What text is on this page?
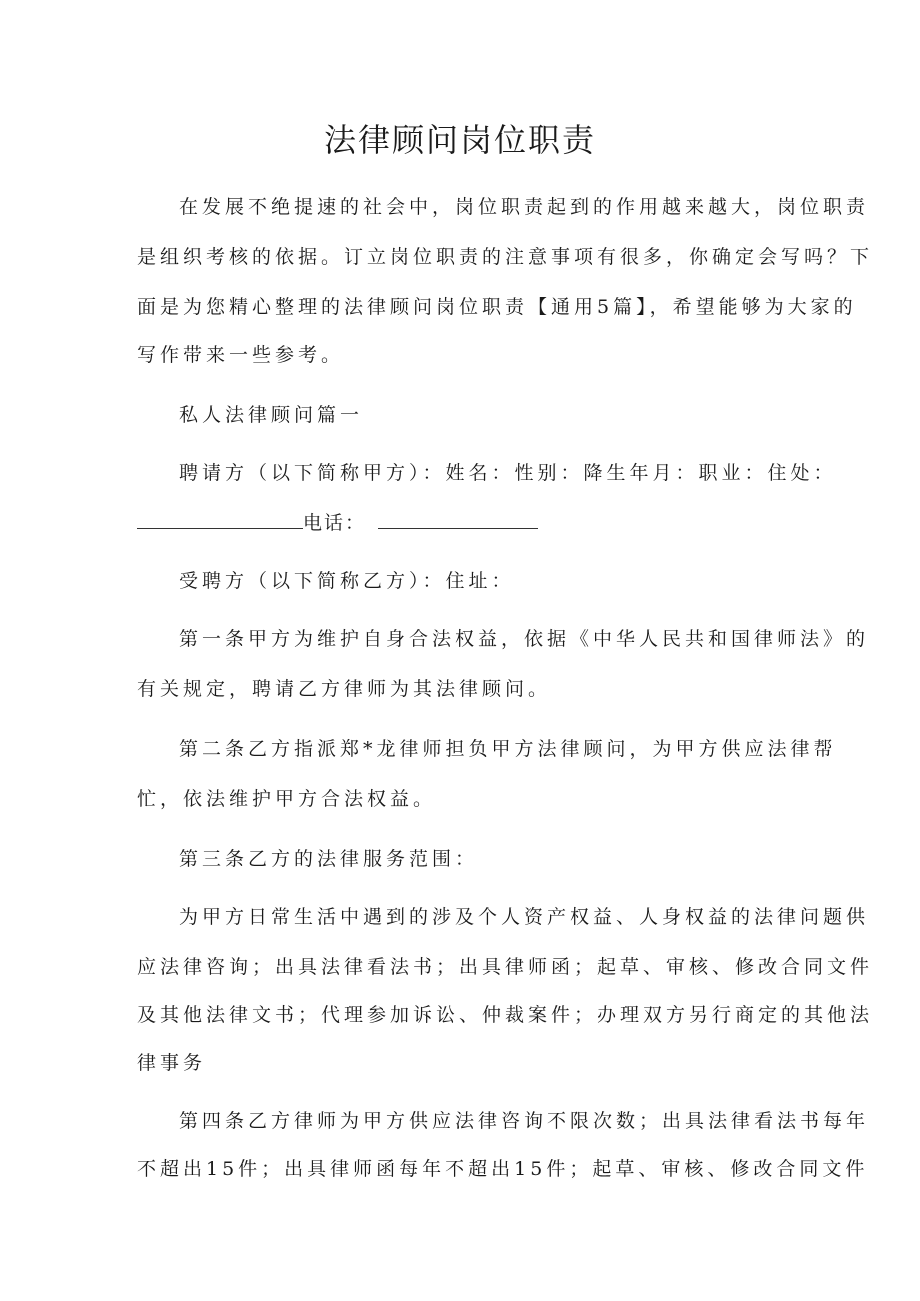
法律顾问岗位职责

在发展不绝提速的社会中，岗位职责起到的作用越来越大，岗位职责

是组织考核的依据。订立岗位职责的注意事项有很多，你确定会写吗？下

面是为您精心整理的法律顾问岗位职责【通用5篇】，希望能够为大家的

写作带来一些参考。

私人法律顾问篇一

聘请方（以下简称甲方）：姓名：性别：降生年月：职业：住处：

电话：

受聘方（以下简称乙方）：住址：

第一条甲方为维护自身合法权益，依据《中华人民共和国律师法》的

有关规定，聘请乙方律师为其法律顾问。

第二条乙方指派郑*龙律师担负甲方法律顾问，为甲方供应法律帮

忙，依法维护甲方合法权益。

第三条乙方的法律服务范围：

为甲方日常生活中遇到的涉及个人资产权益、人身权益的法律问题供

应法律咨询；出具法律看法书；出具律师函；起草、审核、修改合同文件

及其他法律文书；代理参加诉讼、仲裁案件；办理双方另行商定的其他法

律事务

第四条乙方律师为甲方供应法律咨询不限次数；出具法律看法书每年

不超出15件；出具律师函每年不超出15件；起草、审核、修改合同文件
